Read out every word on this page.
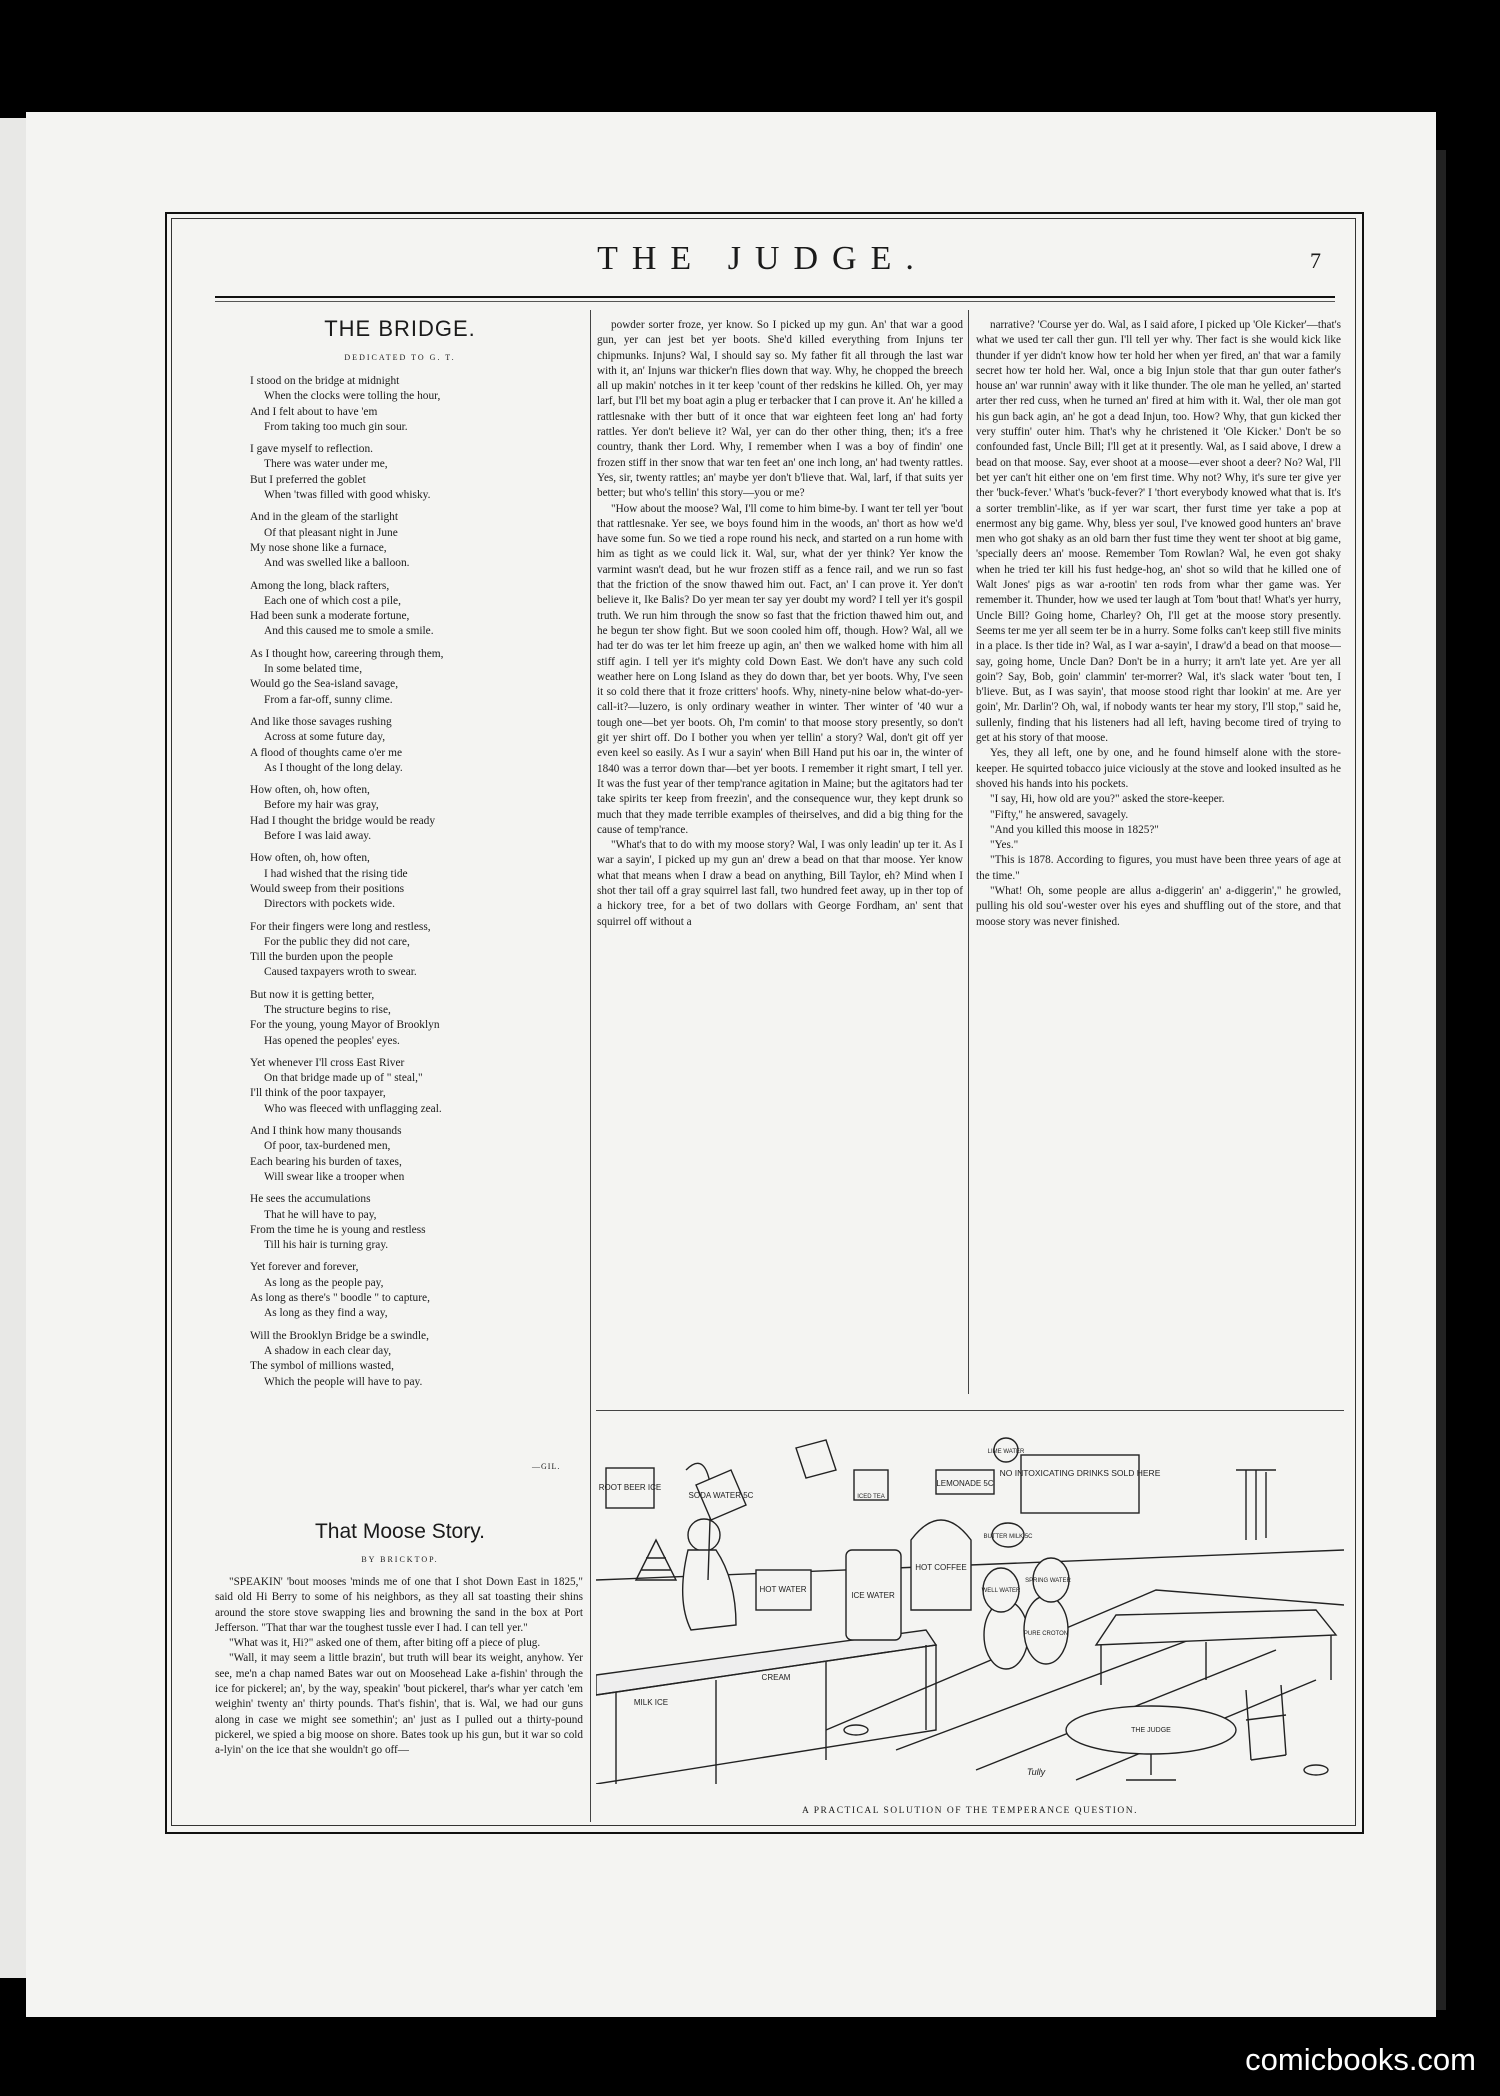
THE JUDGE.	7
THE BRIDGE.
DEDICATED TO G. T.
I stood on the bridge at midnight
When the clocks were tolling the hour,
And I felt about to have 'em
From taking too much gin sour.
I gave myself to reflection.
There was water under me,
But I preferred the goblet
When 'twas filled with good whisky.
And in the gleam of the starlight
Of that pleasant night in June
My nose shone like a furnace,
And was swelled like a balloon.
Among the long, black rafters,
Each one of which cost a pile,
Had been sunk a moderate fortune,
And this caused me to smole a smile.
As I thought how, careering through them,
In some belated time,
Would go the Sea-island savage,
From a far-off, sunny clime.
And like those savages rushing
Across at some future day,
A flood of thoughts came o'er me
As I thought of the long delay.
How often, oh, how often,
Before my hair was gray,
Had I thought the bridge would be ready
Before I was laid away.
How often, oh, how often,
I had wished that the rising tide
Would sweep from their positions
Directors with pockets wide.
For their fingers were long and restless,
For the public they did not care,
Till the burden upon the people
Caused taxpayers wroth to swear.
But now it is getting better,
The structure begins to rise,
For the young, young Mayor of Brooklyn
Has opened the peoples' eyes.
Yet whenever I'll cross East River
On that bridge made up of " steal,"
I'll think of the poor taxpayer,
Who was fleeced with unflagging zeal.
And I think how many thousands
Of poor, tax-burdened men,
Each bearing his burden of taxes,
Will swear like a trooper when
He sees the accumulations
That he will have to pay,
From the time he is young and restless
Till his hair is turning gray.
Yet forever and forever,
As long as the people pay,
As long as there's " boodle " to capture,
As long as they find a way,
Will the Brooklyn Bridge be a swindle,
A shadow in each clear day,
The symbol of millions wasted,
Which the people will have to pay.
—GIL.
That Moose Story.
BY BRICKTOP.

"SPEAKIN' 'bout mooses 'minds me of one that I shot Down East in 1825," said old Hi Berry to some of his neighbors, as they all sat toasting their shins around the store stove swapping lies and browning the sand in the box at Port Jefferson. "That thar war the toughest tussle ever I had. I can tell yer."

"What was it, Hi?" asked one of them, after biting off a piece of plug.

"Wall, it may seem a little brazin', but truth will bear its weight, anyhow. Yer see, me'n a chap named Bates war out on Moosehead Lake a-fishin' through the ice for pickerel; an', by the way, speakin' 'bout pickerel, thar's whar yer catch 'em weighin' twenty an' thirty pounds. That's fishin', that is. Wal, we had our guns along in case we might see somethin'; an' just as I pulled out a thirty-pound pickerel, we spied a big moose on shore. Bates took up his gun, but it war so cold a-lyin' on the ice that she wouldn't go off—

powder sorter froze, yer know. So I picked up my gun. An' that war a good gun, yer can jest bet yer boots. She'd killed everything from Injuns ter chipmunks. Injuns? Wal, I should say so. My father fit all through the last war with it, an' Injuns war thicker'n flies down that way. Why, he chopped the breech all up makin' notches in it ter keep 'count of ther redskins he killed. Oh, yer may larf, but I'll bet my boat agin a plug er terbacker that I can prove it. An' he killed a rattlesnake with ther butt of it once that war eighteen feet long an' had forty rattles. Yer don't believe it? Wal, yer can do ther other thing, then; it's a free country, thank ther Lord. Why, I remember when I was a boy of findin' one frozen stiff in ther snow that war ten feet an' one inch long, an' had twenty rattles. Yes, sir, twenty rattles; an' maybe yer don't b'lieve that. Wal, larf, if that suits yer better; but who's tellin' this story—you or me?

"How about the moose? Wal, I'll come to him bime-by. I want ter tell yer 'bout that rattlesnake. Yer see, we boys found him in the woods, an' thort as how we'd have some fun. So we tied a rope round his neck, and started on a run home with him as tight as we could lick it. Wal, sur, what der yer think? Yer know the varmint wasn't dead, but he wur frozen stiff as a fence rail, and we run so fast that the friction of the snow thawed him out. Fact, an' I can prove it. Yer don't believe it, Ike Balis? Do yer mean ter say yer doubt my word? I tell yer it's gospil truth. We run him through the snow so fast that the friction thawed him out, and he begun ter show fight. But we soon cooled him off, though. How? Wal, all we had ter do was ter let him freeze up agin, an' then we walked home with him all stiff agin. I tell yer it's mighty cold Down East. We don't have any such cold weather here on Long Island as they do down thar, bet yer boots. Why, I've seen it so cold there that it froze critters' hoofs. Why, ninety-nine below what-do-yer-call-it?—luzero, is only ordinary weather in winter. Ther winter of '40 wur a tough one—bet yer boots. Oh, I'm comin' to that moose story presently, so don't git yer shirt off. Do I bother you when yer tellin' a story? Wal, don't git off yer even keel so easily. As I wur a sayin' when Bill Hand put his oar in, the winter of 1840 was a terror down thar—bet yer boots. I remember it right smart, I tell yer. It was the fust year of ther temp'rance agitation in Maine; but the agitators had ter take spirits ter keep from freezin', and the consequence wur, they kept drunk so much that they made terrible examples of theirselves, and did a big thing for the cause of temp'rance.

"What's that to do with my moose story? Wal, I was only leadin' up ter it. As I war a sayin', I picked up my gun an' drew a bead on that thar moose. Yer know what that means when I draw a bead on anything, Bill Taylor, eh? Mind when I shot ther tail off a gray squirrel last fall, two hundred feet away, up in ther top of a hickory tree, for a bet of two dollars with George Fordham, an' sent that squirrel off without a

narrative? 'Course yer do. Wal, as I said afore, I picked up 'Ole Kicker'—that's what we used ter call ther gun. I'll tell yer why. Ther fact is she would kick like thunder if yer didn't know how ter hold her when yer fired, an' that war a family secret how ter hold her. Wal, once a big Injun stole that thar gun outer father's house an' war runnin' away with it like thunder. The ole man he yelled, an' started arter ther red cuss, when he turned an' fired at him with it. Wal, ther ole man got his gun back agin, an' he got a dead Injun, too. How? Why, that gun kicked ther very stuffin' outer him. That's why he christened it 'Ole Kicker.' Don't be so confounded fast, Uncle Bill; I'll get at it presently. Wal, as I said above, I drew a bead on that moose. Say, ever shoot at a moose—ever shoot a deer? No? Wal, I'll bet yer can't hit either one on 'em first time. Why not? Why, it's sure ter give yer ther 'buck-fever.' What's 'buck-fever?' I 'thort everybody knowed what that is. It's a sorter tremblin'-like, as if yer war scart, ther furst time yer take a pop at enermost any big game. Why, bless yer soul, I've knowed good hunters an' brave men who got shaky as an old barn ther fust time they went ter shoot at big game, 'specially deers an' moose. Remember Tom Rowlan? Wal, he even got shaky when he tried ter kill his fust hedge-hog, an' shot so wild that he killed one of Walt Jones' pigs as war a-rootin' ten rods from whar ther game was. Yer remember it. Thunder, how we used ter laugh at Tom 'bout that! What's yer hurry, Uncle Bill? Going home, Charley? Oh, I'll get at the moose story presently. Seems ter me yer all seem ter be in a hurry. Some folks can't keep still five minits in a place. Is ther tide in? Wal, as I war a-sayin', I draw'd a bead on that moose—say, going home, Uncle Dan? Don't be in a hurry; it arn't late yet. Are yer all goin'? Say, Bob, goin' clammin' ter-morrer? Wal, it's slack water 'bout ten, I b'lieve. But, as I was sayin', that moose stood right thar lookin' at me. Are yer goin', Mr. Darlin'? Oh, wal, if nobody wants ter hear my story, I'll stop," said he, sullenly, finding that his listeners had all left, having become tired of trying to get at his story of that moose.

Yes, they all left, one by one, and he found himself alone with the store-keeper. He squirted tobacco juice viciously at the stove and looked insulted as he shoved his hands into his pockets.

"I say, Hi, how old are you?" asked the store-keeper.

"Fifty," he answered, savagely.

"And you killed this moose in 1825?"

"Yes."

"This is 1878. According to figures, you must have been three years of age at the time."

"What! Oh, some people are allus a-diggerin' an' a-diggerin'," he growled, pulling his old sou'-wester over his eyes and shuffling out of the store, and that moose story was never finished.

ROOT BEER ICE
SODA WATER 5C
HOT WATER
ICE WATER
HOT COFFEE
LEMONADE 5C
NO INTOXICATING DRINKS SOLD HERE
BUTTER MILK 5C
LIME WATER
SPRING WATER
WELL WATER
PURE CROTON
ICED TEA
MILK ICE
CREAM
THE JUDGE
Tully
A PRACTICAL SOLUTION OF THE TEMPERANCE QUESTION.
comicbooks.com
